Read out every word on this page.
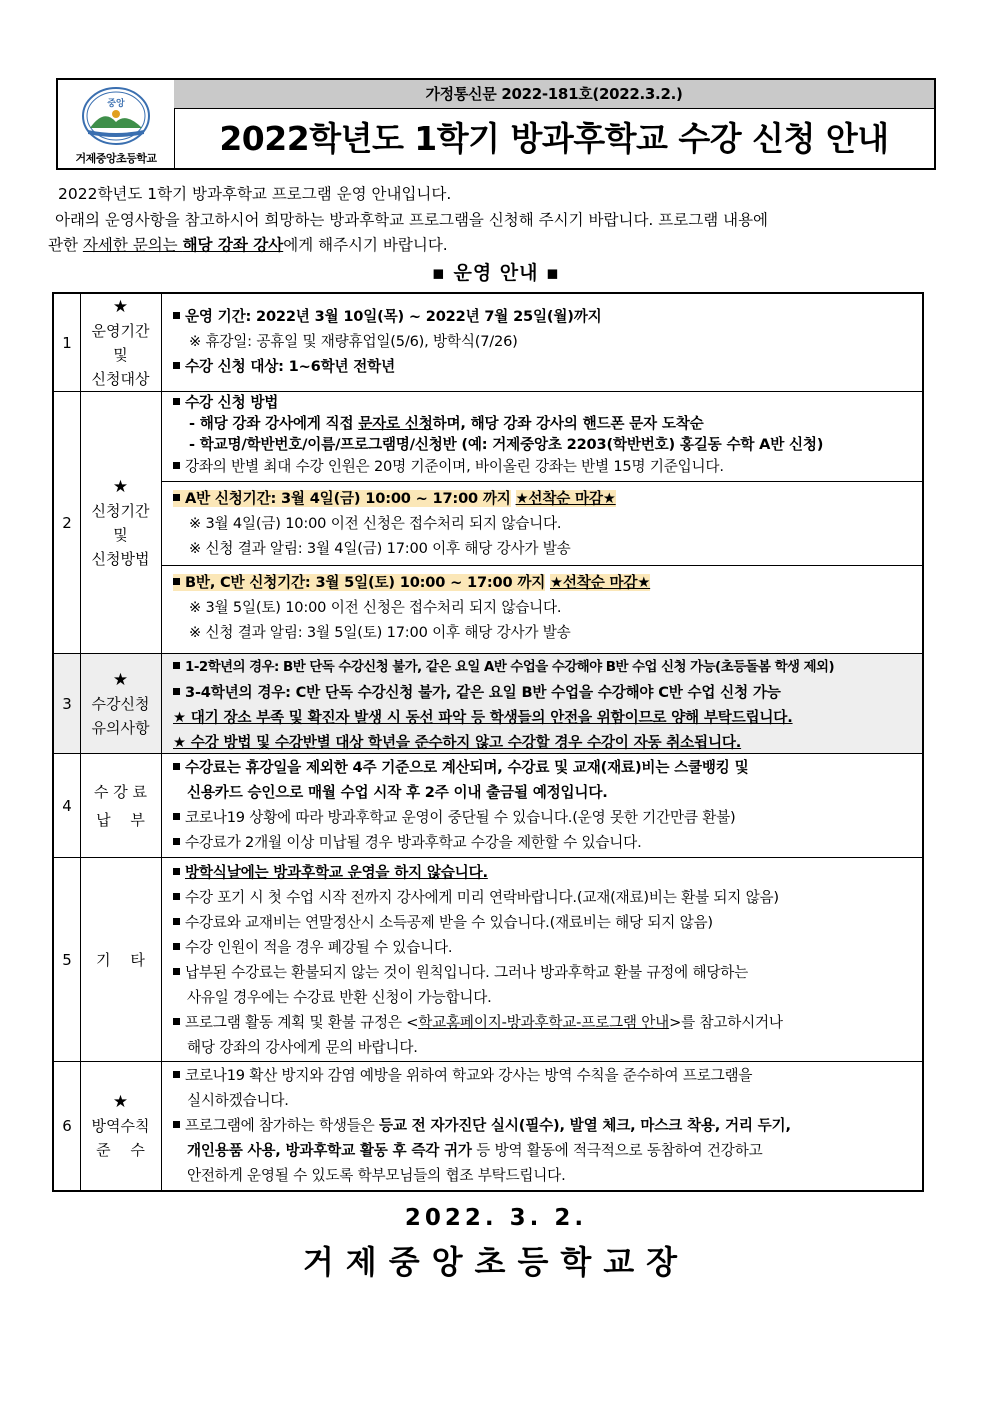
중앙
거제중앙초등학교
가정통신문 2022-181호(2022.3.2.)
2022학년도 1학기 방과후학교 수강 신청 안내
2022학년도 1학기 방과후학교 프로그램 운영 안내입니다.
아래의 운영사항을 참고하시어 희망하는 방과후학교 프로그램을 신청해 주시기 바랍니다. 프로그램 내용에
관한 자세한 문의는 해당 강좌 강사에게 해주시기 바랍니다.
▪ 운영 안내 ▪
1
★
운영기간
및
신청대상
운영 기간: 2022년 3월 10일(목) ~ 2022년 7월 25일(월)까지
※ 휴강일: 공휴일 및 재량휴업일(5/6), 방학식(7/26)
수강 신청 대상: 1~6학년 전학년
2
★
신청기간
및
신청방법
수강 신청 방법
- 해당 강좌 강사에게 직접 문자로 신청하며, 해당 강좌 강사의 핸드폰 문자 도착순
- 학교명/학반번호/이름/프로그램명/신청반 (예: 거제중앙초 2203(학반번호) 홍길동 수학 A반 신청)
강좌의 반별 최대 수강 인원은 20명 기준이며, 바이올린 강좌는 반별 15명 기준입니다.
A반 신청기간: 3월 4일(금) 10:00 ~ 17:00 까지 ★선착순 마감★
※ 3월 4일(금) 10:00 이전 신청은 접수처리 되지 않습니다.
※ 신청 결과 알림: 3월 4일(금) 17:00 이후 해당 강사가 발송
B반, C반 신청기간: 3월 5일(토) 10:00 ~ 17:00 까지 ★선착순 마감★
※ 3월 5일(토) 10:00 이전 신청은 접수처리 되지 않습니다.
※ 신청 결과 알림: 3월 5일(토) 17:00 이후 해당 강사가 발송
3
★
수강신청
유의사항
1-2학년의 경우: B반 단독 수강신청 불가, 같은 요일 A반 수업을 수강해야 B반 수업 신청 가능(초등돌봄 학생 제외)
3-4학년의 경우: C반 단독 수강신청 불가, 같은 요일 B반 수업을 수강해야 C반 수업 신청 가능
★ 대기 장소 부족 및 확진자 발생 시 동선 파악 등 학생들의 안전을 위함이므로 양해 부탁드립니다.
★ 수강 방법 및 수강반별 대상 학년을 준수하지 않고 수강할 경우 수강이 자동 취소됩니다.
4
수 강 료
납　 부
수강료는 휴강일을 제외한 4주 기준으로 계산되며, 수강료 및 교재(재료)비는 스쿨뱅킹 및
신용카드 승인으로 매월 수업 시작 후 2주 이내 출금될 예정입니다.
코로나19 상황에 따라 방과후학교 운영이 중단될 수 있습니다.(운영 못한 기간만큼 환불)
수강료가 2개월 이상 미납될 경우 방과후학교 수강을 제한할 수 있습니다.
5	기　 타
방학식날에는 방과후학교 운영을 하지 않습니다.
수강 포기 시 첫 수업 시작 전까지 강사에게 미리 연락바랍니다.(교재(재료)비는 환불 되지 않음)
수강료와 교재비는 연말정산시 소득공제 받을 수 있습니다.(재료비는 해당 되지 않음)
수강 인원이 적을 경우 폐강될 수 있습니다.
납부된 수강료는 환불되지 않는 것이 원칙입니다. 그러나 방과후학교 환불 규정에 해당하는
사유일 경우에는 수강료 반환 신청이 가능합니다.
프로그램 활동 계획 및 환불 규정은 <학교홈페이지-방과후학교-프로그램 안내>를 참고하시거나
해당 강좌의 강사에게 문의 바랍니다.
6
★
방역수칙
준　 수
코로나19 확산 방지와 감염 예방을 위하여 학교와 강사는 방역 수칙을 준수하여 프로그램을
실시하겠습니다.
프로그램에 참가하는 학생들은 등교 전 자가진단 실시(필수), 발열 체크, 마스크 착용, 거리 두기,
개인용품 사용, 방과후학교 활동 후 즉각 귀가 등 방역 활동에 적극적으로 동참하여 건강하고
안전하게 운영될 수 있도록 학부모님들의 협조 부탁드립니다.
2022. 3. 2.
거제중앙초등학교장
